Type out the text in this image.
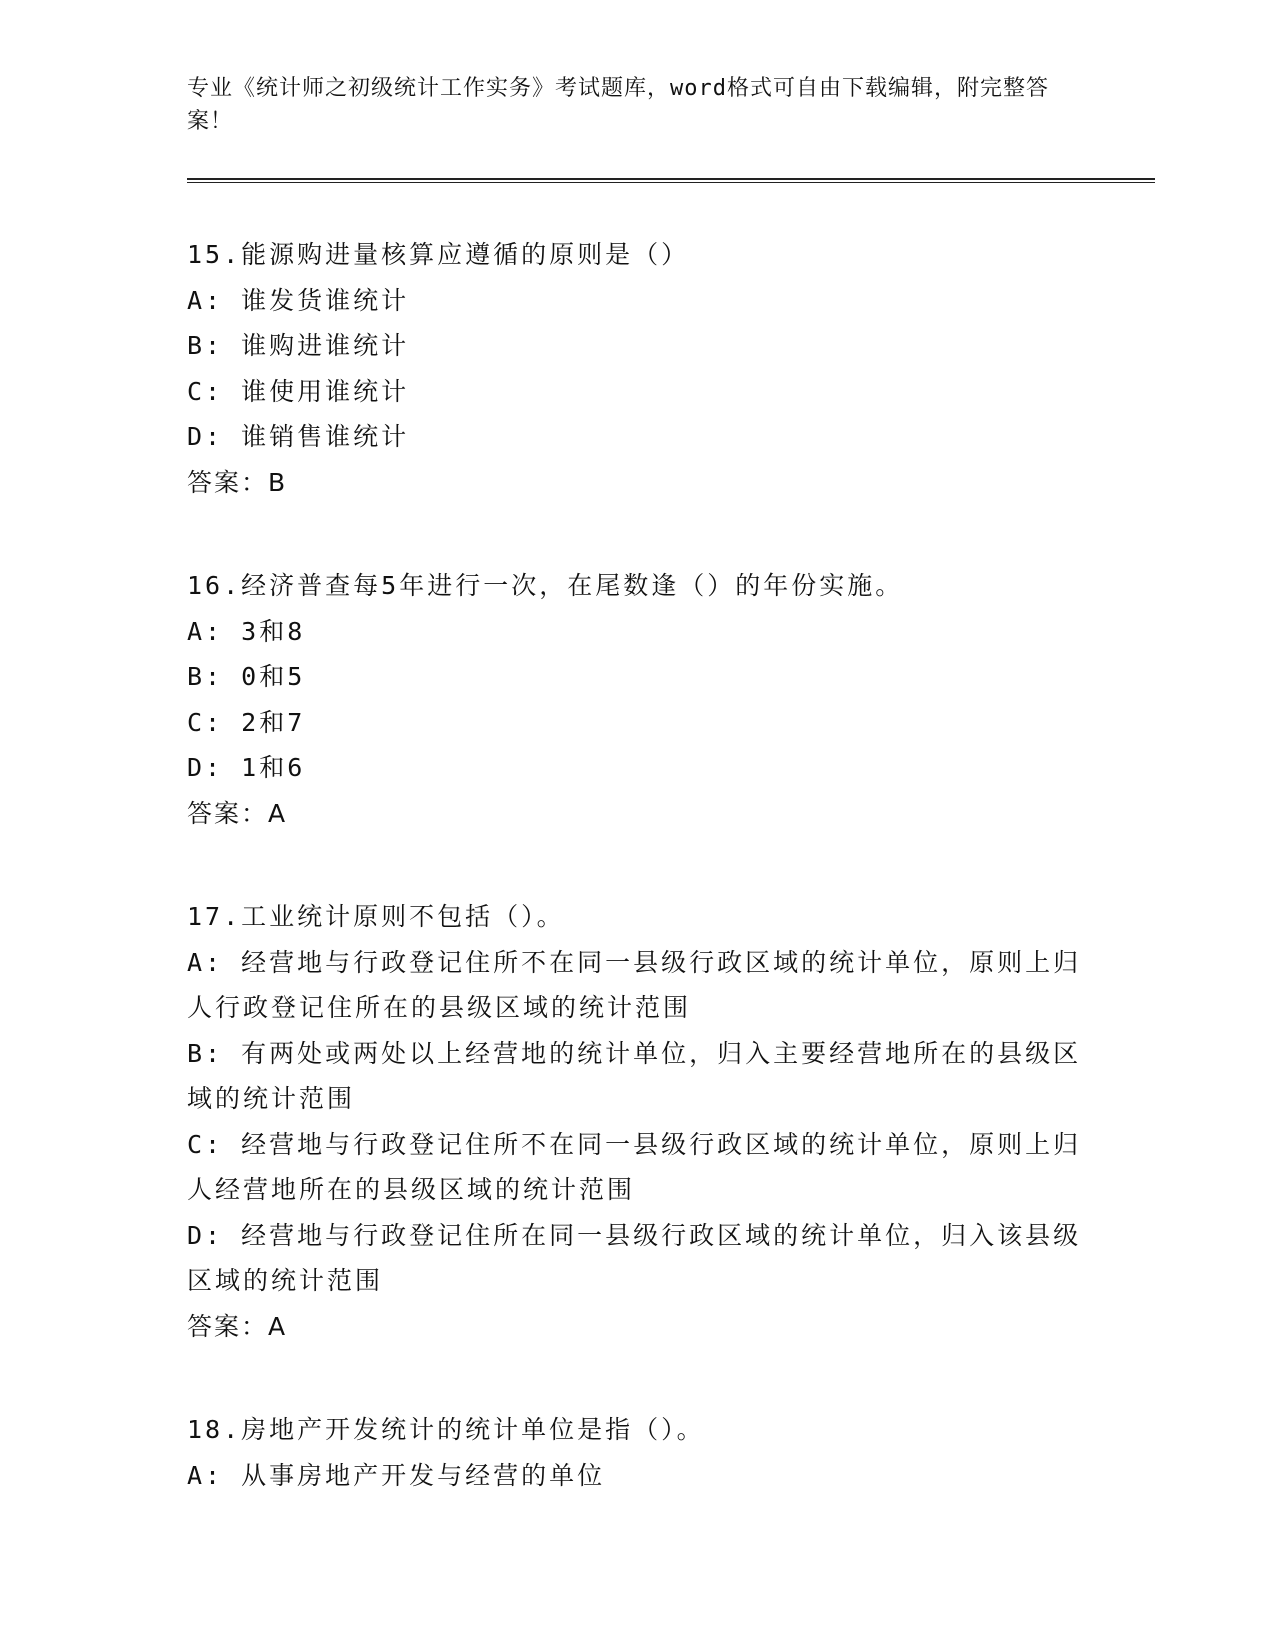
专业《统计师之初级统计工作实务》考试题库，word格式可自由下载编辑，附完整答案！

15.能源购进量核算应遵循的原则是（）

A: 谁发货谁统计

B: 谁购进谁统计

C: 谁使用谁统计

D: 谁销售谁统计

答案：B

16.经济普查每5年进行一次，在尾数逢（）的年份实施。

A: 3和8

B: 0和5

C: 2和7

D: 1和6

答案：A

17.工业统计原则不包括（）。

A: 经营地与行政登记住所不在同一县级行政区域的统计单位，原则上归人行政登记住所在的县级区域的统计范围

B: 有两处或两处以上经营地的统计单位，归入主要经营地所在的县级区域的统计范围

C: 经营地与行政登记住所不在同一县级行政区域的统计单位，原则上归人经营地所在的县级区域的统计范围

D: 经营地与行政登记住所在同一县级行政区域的统计单位，归入该县级区域的统计范围

答案：A

18.房地产开发统计的统计单位是指（）。

A: 从事房地产开发与经营的单位
